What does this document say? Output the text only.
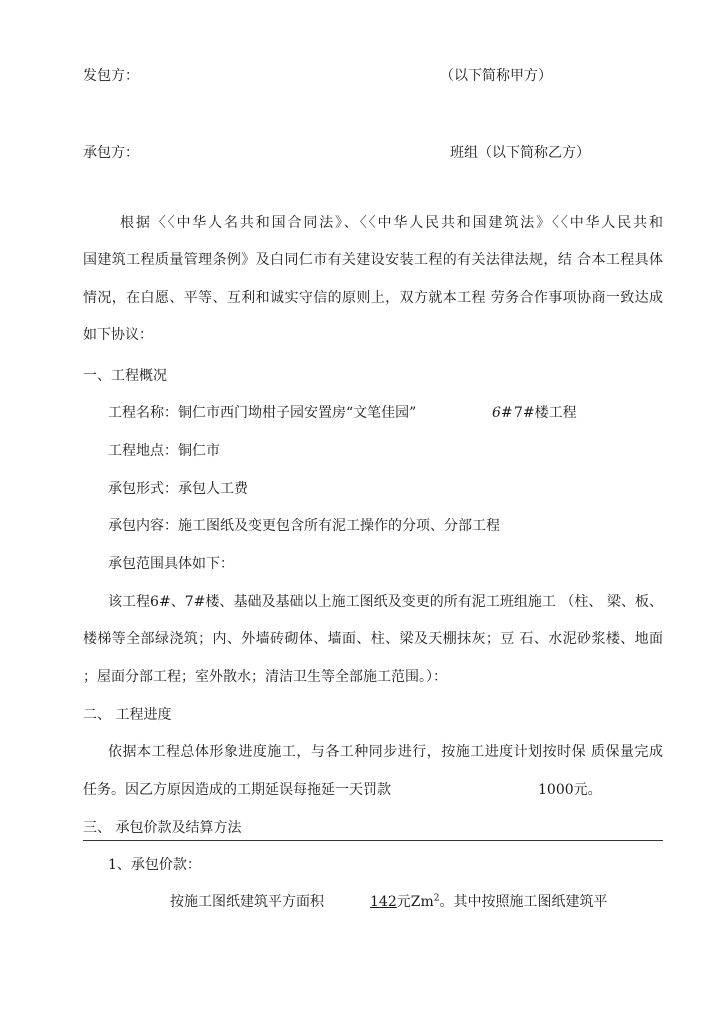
发包方：	（以下简称甲方）
承包方：	班组（以下简称乙方）
根据〈〈中华人名共和国合同法》、〈〈中华人民共和国建筑法》〈〈中华人民共和
国建筑工程质量管理条例》及白同仁市有关建设安装工程的有关法律法规，结 合本工程具体
情况，在白愿、平等、互利和诚实守信的原则上，双方就本工程 劳务合作事项协商一致达成
如下协议：
一、工程概况
工程名称：铜仁市西门坳柑子园安置房“文笔佳园”	6# 7#楼工程
工程地点：铜仁市
承包形式：承包人工费
承包内容：施工图纸及变更包含所有泥工操作的分项、分部工程
承包范围具体如下：
该工程6#、7#楼、基础及基础以上施工图纸及变更的所有泥工班组施工 （柱、 梁、板、
楼梯等全部绿浇筑；内、外墙砖砌体、墙面、柱、梁及天棚抹灰；豆 石、水泥砂浆楼、地面
；屋面分部工程；室外散水；清洁卫生等全部施工范围。）：
二、 工程进度
依据本工程总体形象进度施工，与各工种同步进行，按施工进度计划按时保 质保量完成
任务。因乙方原因造成的工期延误每拖延一天罚款	1000元。
三、 承包价款及结算方法
1、承包价款：
按施工图纸建筑平方面积	142元Zm$^2$。其中按照施工图纸建筑平
